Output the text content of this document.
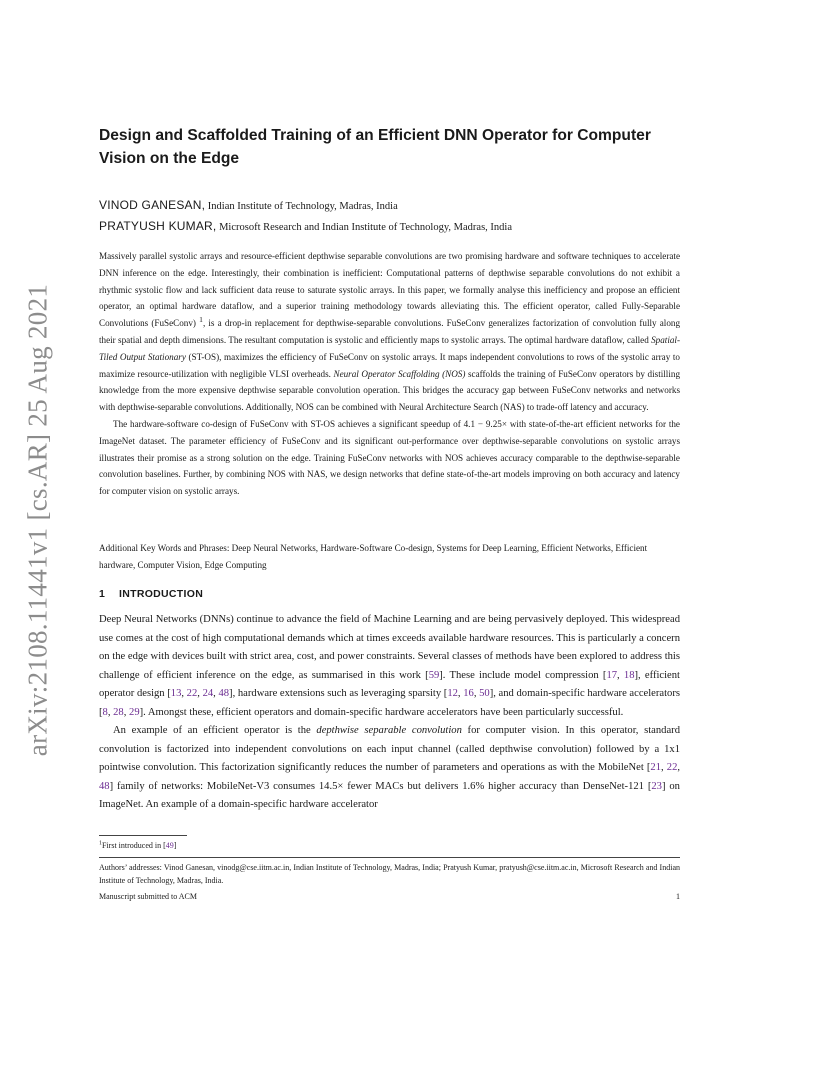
arXiv:2108.11441v1 [cs.AR] 25 Aug 2021
Design and Scaffolded Training of an Efficient DNN Operator for Computer Vision on the Edge
VINOD GANESAN, Indian Institute of Technology, Madras, India
PRATYUSH KUMAR, Microsoft Research and Indian Institute of Technology, Madras, India

Massively parallel systolic arrays and resource-efficient depthwise separable convolutions are two promising hardware and software techniques to accelerate DNN inference on the edge. Interestingly, their combination is inefficient: Computational patterns of depthwise separable convolutions do not exhibit a rhythmic systolic flow and lack sufficient data reuse to saturate systolic arrays. In this paper, we formally analyse this inefficiency and propose an efficient operator, an optimal hardware dataflow, and a superior training methodology towards alleviating this. The efficient operator, called Fully-Separable Convolutions (FuSeConv) $^1$, is a drop-in replacement for depthwise-separable convolutions. FuSeConv generalizes factorization of convolution fully along their spatial and depth dimensions. The resultant computation is systolic and efficiently maps to systolic arrays. The optimal hardware dataflow, called Spatial-Tiled Output Stationary (ST-OS), maximizes the efficiency of FuSeConv on systolic arrays. It maps independent convolutions to rows of the systolic array to maximize resource-utilization with negligible VLSI overheads. Neural Operator Scaffolding (NOS) scaffolds the training of FuSeConv operators by distilling knowledge from the more expensive depthwise separable convolution operation. This bridges the accuracy gap between FuSeConv networks and networks with depthwise-separable convolutions. Additionally, NOS can be combined with Neural Architecture Search (NAS) to trade-off latency and accuracy.

The hardware-software co-design of FuSeConv with ST-OS achieves a significant speedup of 4.1 − 9.25× with state-of-the-art efficient networks for the ImageNet dataset. The parameter efficiency of FuSeConv and its significant out-performance over depthwise-separable convolutions on systolic arrays illustrates their promise as a strong solution on the edge. Training FuSeConv networks with NOS achieves accuracy comparable to the depthwise-separable convolution baselines. Further, by combining NOS with NAS, we design networks that define state-of-the-art models improving on both accuracy and latency for computer vision on systolic arrays.

Additional Key Words and Phrases: Deep Neural Networks, Hardware-Software Co-design, Systems for Deep Learning, Efficient Networks, Efficient hardware, Computer Vision, Edge Computing
1 INTRODUCTION

Deep Neural Networks (DNNs) continue to advance the field of Machine Learning and are being pervasively deployed. This widespread use comes at the cost of high computational demands which at times exceeds available hardware resources. This is particularly a concern on the edge with devices built with strict area, cost, and power constraints. Several classes of methods have been explored to address this challenge of efficient inference on the edge, as summarised in this work [59]. These include model compression [17, 18], efficient operator design [13, 22, 24, 48], hardware extensions such as leveraging sparsity [12, 16, 50], and domain-specific hardware accelerators [8, 28, 29]. Amongst these, efficient operators and domain-specific hardware accelerators have been particularly successful.

An example of an efficient operator is the depthwise separable convolution for computer vision. In this operator, standard convolution is factorized into independent convolutions on each input channel (called depthwise convolution) followed by a 1x1 pointwise convolution. This factorization significantly reduces the number of parameters and operations as with the MobileNet [21, 22, 48] family of networks: MobileNet-V3 consumes 14.5× fewer MACs but delivers 1.6% higher accuracy than DenseNet-121 [23] on ImageNet. An example of a domain-specific hardware accelerator

$^1$First introduced in [49]
Authors’ addresses: Vinod Ganesan, vinodg@cse.iitm.ac.in, Indian Institute of Technology, Madras, India; Pratyush Kumar, pratyush@cse.iitm.ac.in, Microsoft Research and Indian Institute of Technology, Madras, India.
Manuscript submitted to ACM	1
